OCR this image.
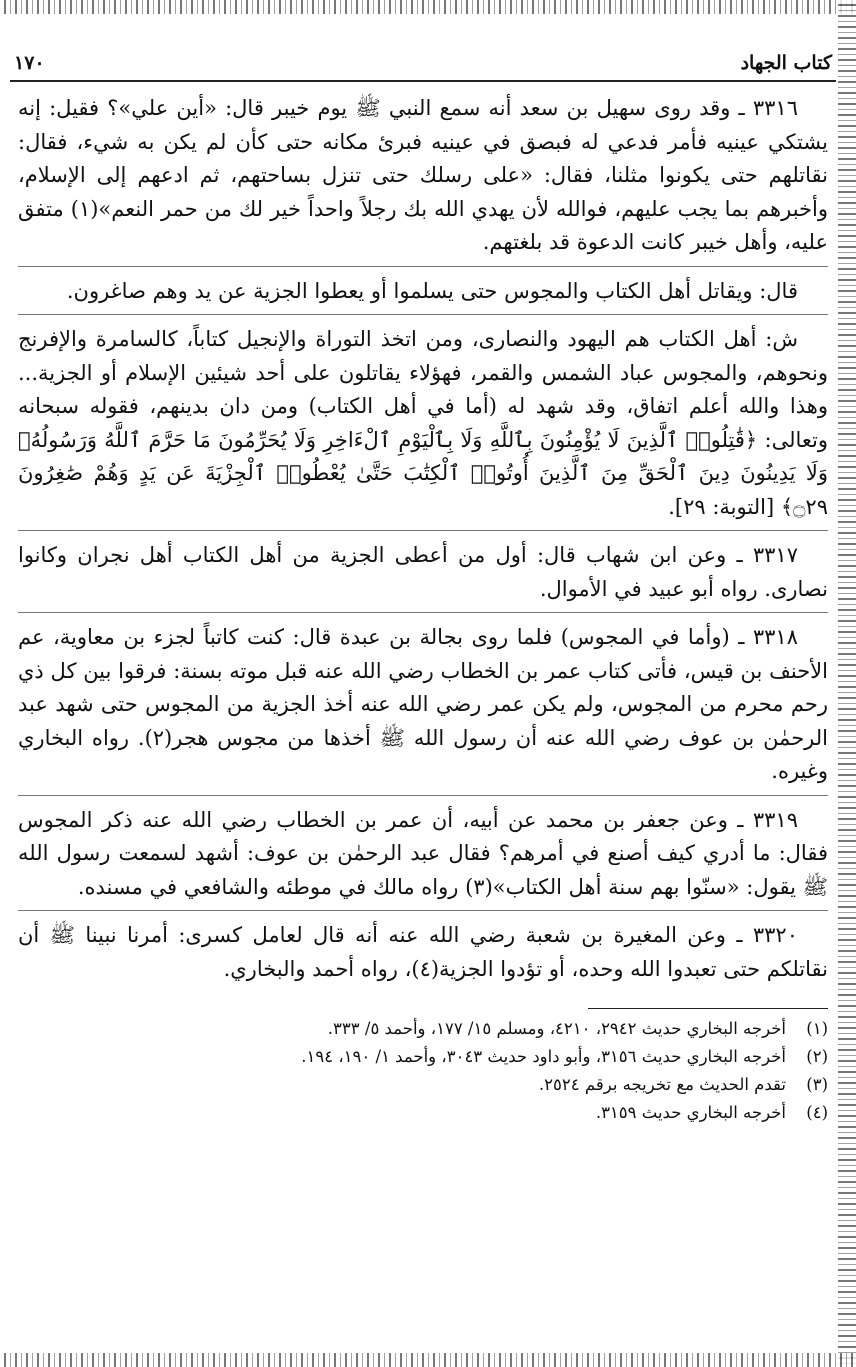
كتاب الجهاد
١٧٠

٣٣١٦ ـ وقد روى سهيل بن سعد أنه سمع النبي ﷺ يوم خيبر قال: «أين علي»؟ فقيل: إنه يشتكي عينيه فأمر فدعي له فبصق في عينيه فبرئ مكانه حتى كأن لم يكن به شيء، فقال: نقاتلهم حتى يكونوا مثلنا، فقال: «على رسلك حتى تنزل بساحتهم، ثم ادعهم إلى الإسلام، وأخبرهم بما يجب عليهم، فوالله لأن يهدي الله بك رجلاً واحداً خير لك من حمر النعم»(١) متفق عليه، وأهل خيبر كانت الدعوة قد بلغتهم.

قال: ويقاتل أهل الكتاب والمجوس حتى يسلموا أو يعطوا الجزية عن يد وهم صاغرون.

ش: أهل الكتاب هم اليهود والنصارى، ومن اتخذ التوراة والإنجيل كتاباً، كالسامرة والإفرنج ونحوهم، والمجوس عباد الشمس والقمر، فهؤلاء يقاتلون على أحد شيئين الإسلام أو الجزية... وهذا والله أعلم اتفاق، وقد شهد له (أما في أهل الكتاب) ومن دان بدينهم، فقوله سبحانه وتعالى: ﴿قَٰتِلُوا۟ ٱلَّذِينَ لَا يُؤْمِنُونَ بِٱللَّهِ وَلَا بِٱلْيَوْمِ ٱلْءَاخِرِ وَلَا يُحَرِّمُونَ مَا حَرَّمَ ٱللَّهُ وَرَسُولُهُۥ وَلَا يَدِينُونَ دِينَ ٱلْحَقِّ مِنَ ٱلَّذِينَ أُوتُوا۟ ٱلْكِتَٰبَ حَتَّىٰ يُعْطُوا۟ ٱلْجِزْيَةَ عَن يَدٍ وَهُمْ صَٰغِرُونَ ۝٢٩﴾ [التوبة: ٢٩].

٣٣١٧ ـ وعن ابن شهاب قال: أول من أعطى الجزية من أهل الكتاب أهل نجران وكانوا نصارى. رواه أبو عبيد في الأموال.

٣٣١٨ ـ (وأما في المجوس) فلما روى بجالة بن عبدة قال: كنت كاتباً لجزء بن معاوية، عم الأحنف بن قيس، فأتى كتاب عمر بن الخطاب رضي الله عنه قبل موته بسنة: فرقوا بين كل ذي رحم محرم من المجوس، ولم يكن عمر رضي الله عنه أخذ الجزية من المجوس حتى شهد عبد الرحمٰن بن عوف رضي الله عنه أن رسول الله ﷺ أخذها من مجوس هجر(٢). رواه البخاري وغيره.

٣٣١٩ ـ وعن جعفر بن محمد عن أبيه، أن عمر بن الخطاب رضي الله عنه ذكر المجوس فقال: ما أدري كيف أصنع في أمرهم؟ فقال عبد الرحمٰن بن عوف: أشهد لسمعت رسول الله ﷺ يقول: «سنّوا بهم سنة أهل الكتاب»(٣) رواه مالك في موطئه والشافعي في مسنده.

٣٣٢٠ ـ وعن المغيرة بن شعبة رضي الله عنه أنه قال لعامل كسرى: أمرنا نبينا ﷺ أن نقاتلكم حتى تعبدوا الله وحده، أو تؤدوا الجزية(٤)، رواه أحمد والبخاري.

(١)
أخرجه البخاري حديث ٢٩٤٢، ٤٢١٠، ومسلم ١٥/ ١٧٧، وأحمد ٥/ ٣٣٣.
(٢)
أخرجه البخاري حديث ٣١٥٦، وأبو داود حديث ٣٠٤٣، وأحمد ١/ ١٩٠، ١٩٤.
(٣)
تقدم الحديث مع تخريجه برقم ٢٥٢٤.
(٤)
أخرجه البخاري حديث ٣١٥٩.
